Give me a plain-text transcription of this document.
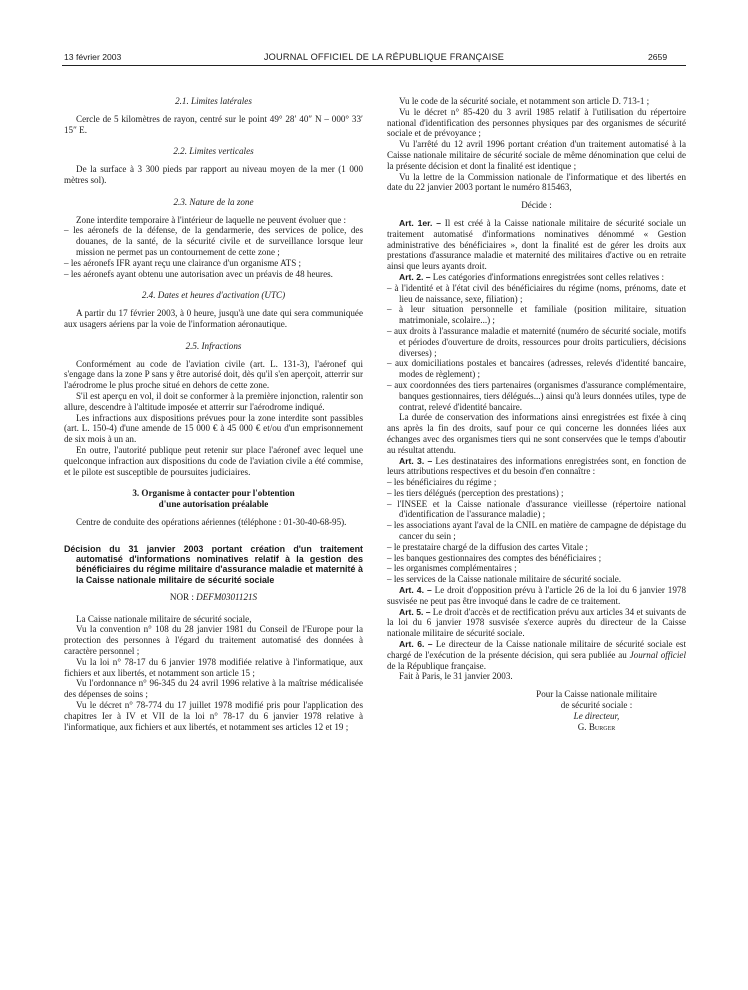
13 février 2003	JOURNAL OFFICIEL DE LA RÉPUBLIQUE FRANÇAISE	2659

2.1. Limites latérales

Cercle de 5 kilomètres de rayon, centré sur le point 49° 28′ 40″ N – 000° 33′ 15″ E.

2.2. Limites verticales

De la surface à 3 300 pieds par rapport au niveau moyen de la mer (1 000 mètres sol).

2.3. Nature de la zone

Zone interdite temporaire à l'intérieur de laquelle ne peuvent évoluer que :

– les aéronefs de la défense, de la gendarmerie, des services de police, des douanes, de la santé, de la sécurité civile et de surveillance lorsque leur mission ne permet pas un contournement de cette zone ;
– les aéronefs IFR ayant reçu une clairance d'un organisme ATS ;
– les aéronefs ayant obtenu une autorisation avec un préavis de 48 heures.

2.4. Dates et heures d'activation (UTC)

A partir du 17 février 2003, à 0 heure, jusqu'à une date qui sera communiquée aux usagers aériens par la voie de l'information aéronautique.

2.5. Infractions

Conformément au code de l'aviation civile (art. L. 131-3), l'aéronef qui s'engage dans la zone P sans y être autorisé doit, dès qu'il s'en aperçoit, atterrir sur l'aérodrome le plus proche situé en dehors de cette zone.

S'il est aperçu en vol, il doit se conformer à la première injonction, ralentir son allure, descendre à l'altitude imposée et atterrir sur l'aérodrome indiqué.

Les infractions aux dispositions prévues pour la zone interdite sont passibles (art. L. 150-4) d'une amende de 15 000 € à 45 000 € et/ou d'un emprisonnement de six mois à un an.

En outre, l'autorité publique peut retenir sur place l'aéronef avec lequel une quelconque infraction aux dispositions du code de l'aviation civile a été commise, et le pilote est susceptible de poursuites judiciaires.

3. Organisme à contacter pour l'obtention
d'une autorisation préalable

Centre de conduite des opérations aériennes (téléphone : 01-30-40-68-95).

Décision du 31 janvier 2003 portant création d'un traitement automatisé d'informations nominatives relatif à la gestion des bénéficiaires du régime militaire d'assurance maladie et maternité à la Caisse nationale militaire de sécurité sociale

NOR : DEFM0301121S

La Caisse nationale militaire de sécurité sociale,

Vu la convention n° 108 du 28 janvier 1981 du Conseil de l'Europe pour la protection des personnes à l'égard du traitement automatisé des données à caractère personnel ;

Vu la loi n° 78-17 du 6 janvier 1978 modifiée relative à l'informatique, aux fichiers et aux libertés, et notamment son article 15 ;

Vu l'ordonnance n° 96-345 du 24 avril 1996 relative à la maîtrise médicalisée des dépenses de soins ;

Vu le décret n° 78-774 du 17 juillet 1978 modifié pris pour l'application des chapitres Ier à IV et VII de la loi n° 78-17 du 6 janvier 1978 relative à l'informatique, aux fichiers et aux libertés, et notamment ses articles 12 et 19 ;

Vu le code de la sécurité sociale, et notamment son article D. 713-1 ;

Vu le décret n° 85-420 du 3 avril 1985 relatif à l'utilisation du répertoire national d'identification des personnes physiques par des organismes de sécurité sociale et de prévoyance ;

Vu l'arrêté du 12 avril 1996 portant création d'un traitement automatisé à la Caisse nationale militaire de sécurité sociale de même dénomination que celui de la présente décision et dont la finalité est identique ;

Vu la lettre de la Commission nationale de l'informatique et des libertés en date du 22 janvier 2003 portant le numéro 815463,

Décide :

Art. 1er. – Il est créé à la Caisse nationale militaire de sécurité sociale un traitement automatisé d'informations nominatives dénommé « Gestion administrative des bénéficiaires », dont la finalité est de gérer les droits aux prestations d'assurance maladie et maternité des militaires d'active ou en retraite ainsi que leurs ayants droit.

Art. 2. – Les catégories d'informations enregistrées sont celles relatives :

– à l'identité et à l'état civil des bénéficiaires du régime (noms, prénoms, date et lieu de naissance, sexe, filiation) ;
– à leur situation personnelle et familiale (position militaire, situation matrimoniale, scolaire...) ;
– aux droits à l'assurance maladie et maternité (numéro de sécurité sociale, motifs et périodes d'ouverture de droits, ressources pour droits particuliers, décisions diverses) ;
– aux domiciliations postales et bancaires (adresses, relevés d'identité bancaire, modes de règlement) ;
– aux coordonnées des tiers partenaires (organismes d'assurance complémentaire, banques gestionnaires, tiers délégués...) ainsi qu'à leurs données utiles, type de contrat, relevé d'identité bancaire.

La durée de conservation des informations ainsi enregistrées est fixée à cinq ans après la fin des droits, sauf pour ce qui concerne les données liées aux échanges avec des organismes tiers qui ne sont conservées que le temps d'aboutir au résultat attendu.

Art. 3. – Les destinataires des informations enregistrées sont, en fonction de leurs attributions respectives et du besoin d'en connaître :

– les bénéficiaires du régime ;
– les tiers délégués (perception des prestations) ;
– l'INSEE et la Caisse nationale d'assurance vieillesse (répertoire national d'identification de l'assurance maladie) ;
– les associations ayant l'aval de la CNIL en matière de campagne de dépistage du cancer du sein ;
– le prestataire chargé de la diffusion des cartes Vitale ;
– les banques gestionnaires des comptes des bénéficiaires ;
– les organismes complémentaires ;
– les services de la Caisse nationale militaire de sécurité sociale.

Art. 4. – Le droit d'opposition prévu à l'article 26 de la loi du 6 janvier 1978 susvisée ne peut pas être invoqué dans le cadre de ce traitement.

Art. 5. – Le droit d'accès et de rectification prévu aux articles 34 et suivants de la loi du 6 janvier 1978 susvisée s'exerce auprès du directeur de la Caisse nationale militaire de sécurité sociale.

Art. 6. – Le directeur de la Caisse nationale militaire de sécurité sociale est chargé de l'exécution de la présente décision, qui sera publiée au Journal officiel de la République française.

Fait à Paris, le 31 janvier 2003.

Pour la Caisse nationale militaire

de sécurité sociale :

Le directeur,

G. Burger
